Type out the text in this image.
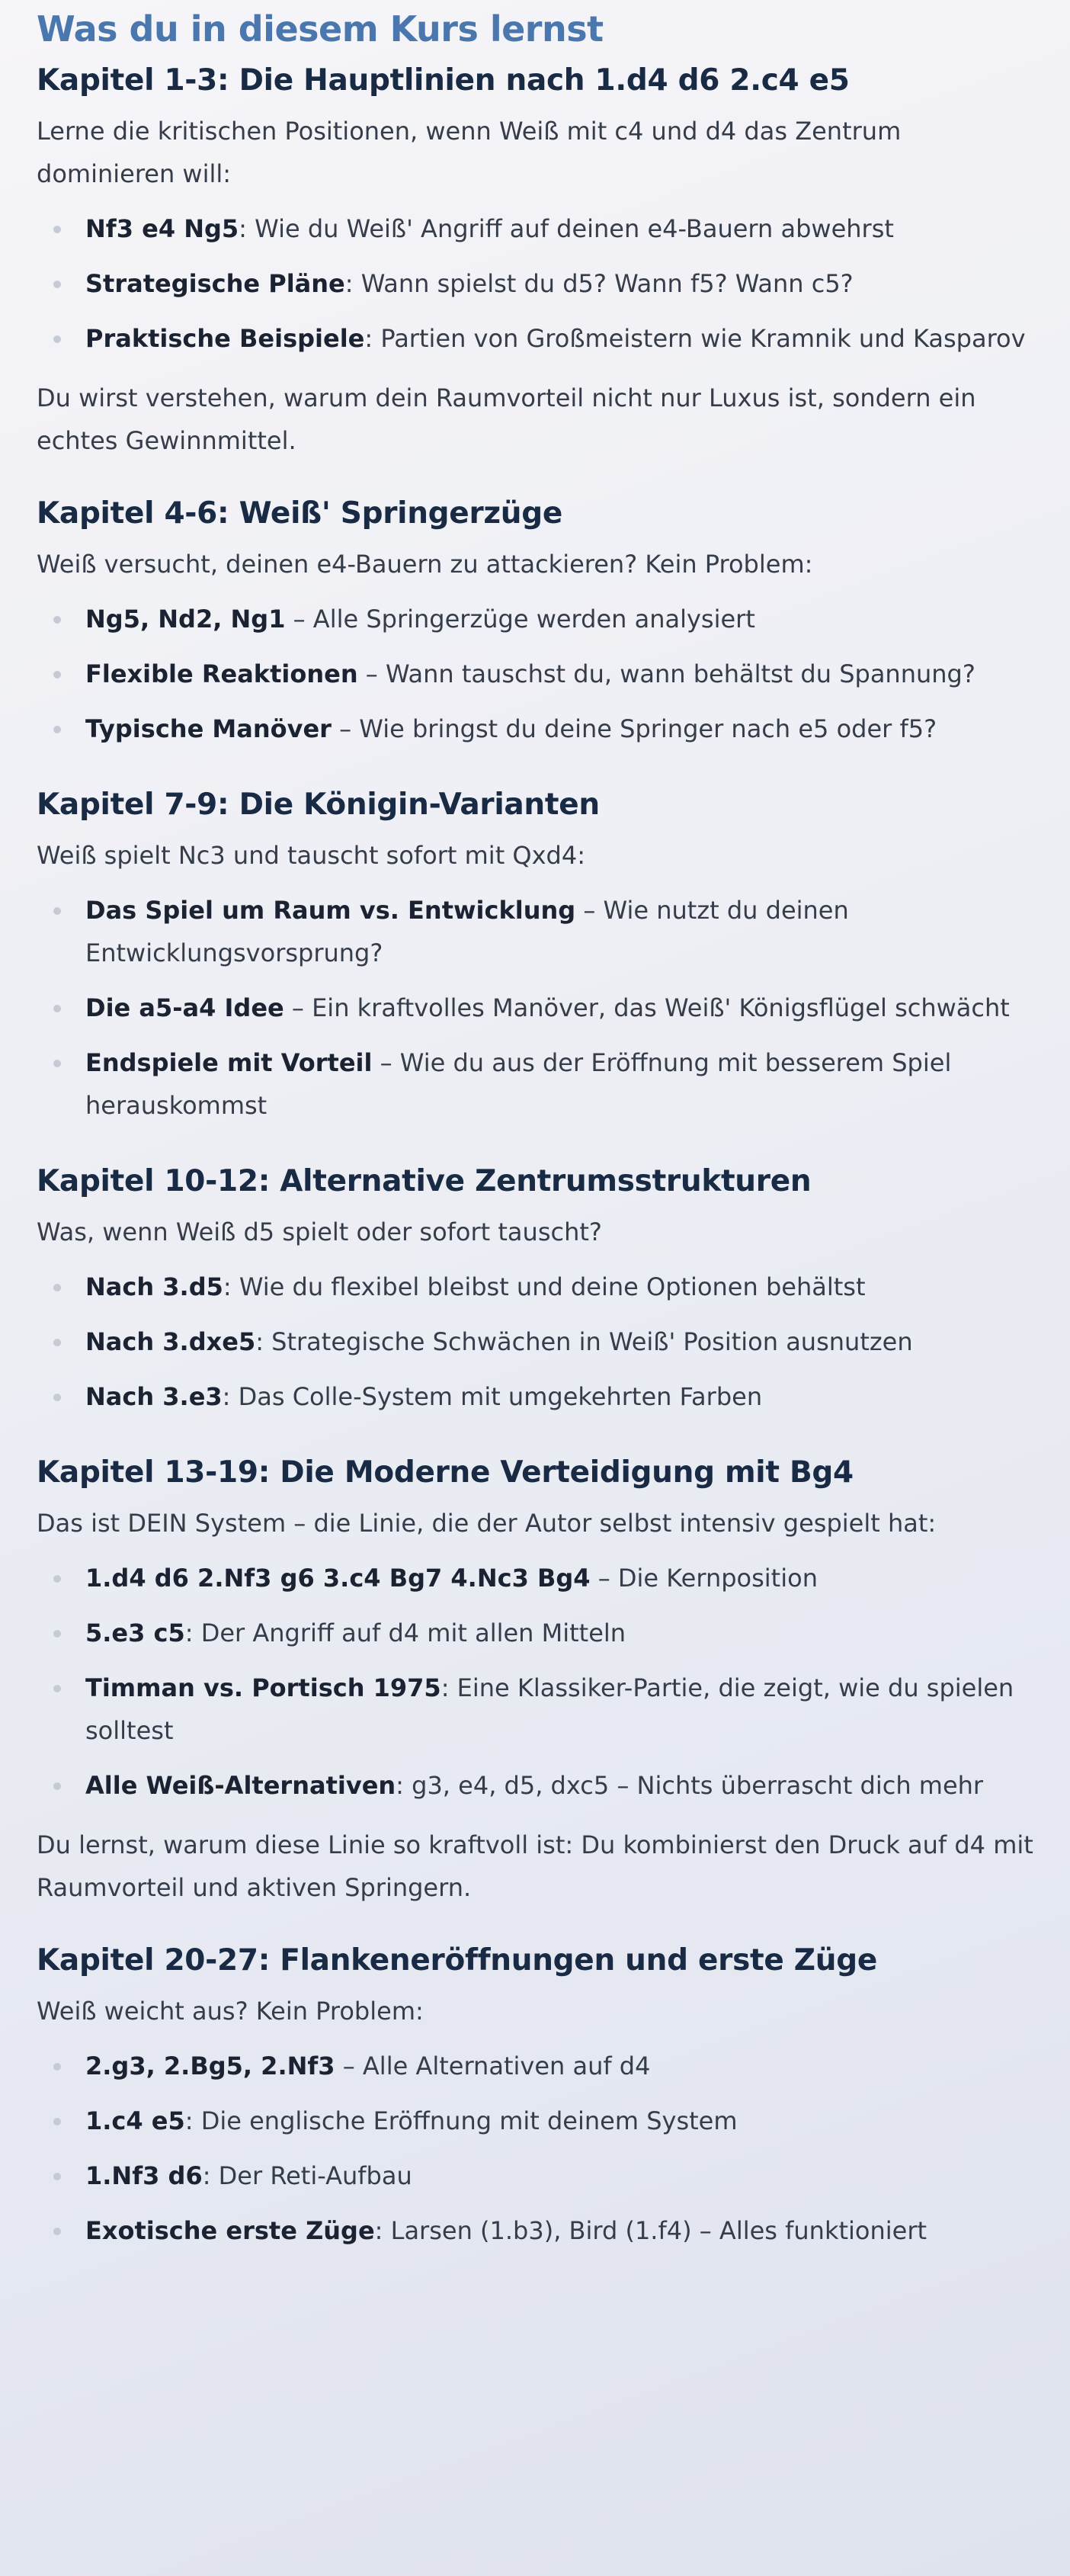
Was du in diesem Kurs lernst
Kapitel 1-3: Die Hauptlinien nach 1.d4 d6 2.c4 e5

Lerne die kritischen Positionen, wenn Weiß mit c4 und d4 das Zentrum dominieren will:

Nf3 e4 Ng5: Wie du Weiß' Angriff auf deinen e4-Bauern abwehrst
Strategische Pläne: Wann spielst du d5? Wann f5? Wann c5?
Praktische Beispiele: Partien von Großmeistern wie Kramnik und Kasparov

Du wirst verstehen, warum dein Raumvorteil nicht nur Luxus ist, sondern ein echtes Gewinnmittel.

Kapitel 4-6: Weiß' Springerzüge

Weiß versucht, deinen e4-Bauern zu attackieren? Kein Problem:

Ng5, Nd2, Ng1 – Alle Springerzüge werden analysiert
Flexible Reaktionen – Wann tauschst du, wann behältst du Spannung?
Typische Manöver – Wie bringst du deine Springer nach e5 oder f5?
Kapitel 7-9: Die Königin-Varianten

Weiß spielt Nc3 und tauscht sofort mit Qxd4:

Das Spiel um Raum vs. Entwicklung – Wie nutzt du deinen Entwicklungsvorsprung?
Die a5-a4 Idee – Ein kraftvolles Manöver, das Weiß' Königsflügel schwächt
Endspiele mit Vorteil – Wie du aus der Eröffnung mit besserem Spiel herauskommst
Kapitel 10-12: Alternative Zentrumsstrukturen

Was, wenn Weiß d5 spielt oder sofort tauscht?

Nach 3.d5: Wie du flexibel bleibst und deine Optionen behältst
Nach 3.dxe5: Strategische Schwächen in Weiß' Position ausnutzen
Nach 3.e3: Das Colle-System mit umgekehrten Farben
Kapitel 13-19: Die Moderne Verteidigung mit Bg4

Das ist DEIN System – die Linie, die der Autor selbst intensiv gespielt hat:

1.d4 d6 2.Nf3 g6 3.c4 Bg7 4.Nc3 Bg4 – Die Kernposition
5.e3 c5: Der Angriff auf d4 mit allen Mitteln
Timman vs. Portisch 1975: Eine Klassiker-Partie, die zeigt, wie du spielen solltest
Alle Weiß-Alternativen: g3, e4, d5, dxc5 – Nichts überrascht dich mehr

Du lernst, warum diese Linie so kraftvoll ist: Du kombinierst den Druck auf d4 mit Raumvorteil und aktiven Springern.

Kapitel 20-27: Flankeneröffnungen und erste Züge

Weiß weicht aus? Kein Problem:

2.g3, 2.Bg5, 2.Nf3 – Alle Alternativen auf d4
1.c4 e5: Die englische Eröffnung mit deinem System
1.Nf3 d6: Der Reti-Aufbau
Exotische erste Züge: Larsen (1.b3), Bird (1.f4) – Alles funktioniert
